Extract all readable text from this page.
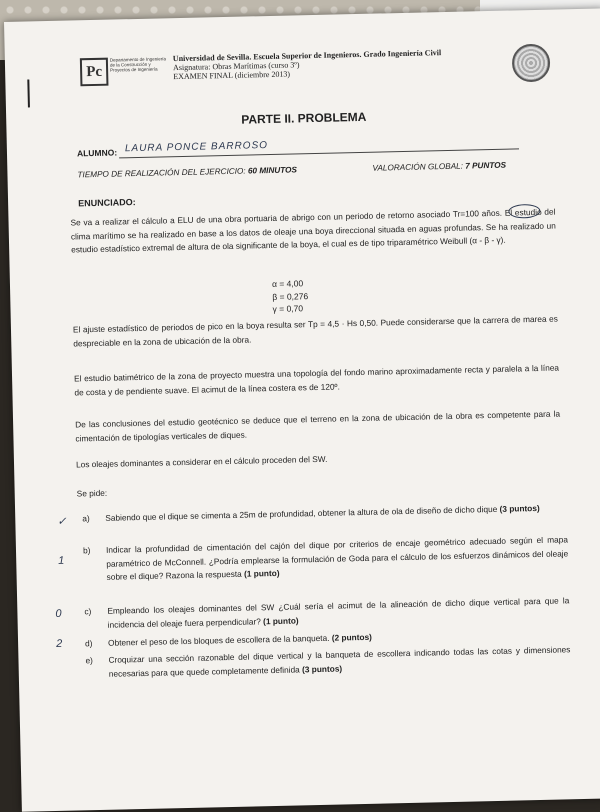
Pc
Departamento de Ingeniería de la Construcción y Proyectos de Ingeniería
Universidad de Sevilla. Escuela Superior de Ingenieros. Grado Ingeniería Civil
Asignatura: Obras Marítimas (curso 3º)
EXAMEN FINAL (diciembre 2013)
PARTE II. PROBLEMA
ALUMNO: LAURA PONCE BARROSO
TIEMPO DE REALIZACIÓN DEL EJERCICIO: 60 MINUTOS	VALORACIÓN GLOBAL: 7 PUNTOS
ENUNCIADO:
Se va a realizar el cálculo a ELU de una obra portuaria de abrigo con un periodo de retorno asociado Tr=100 años. El estudio del clima marítimo se ha realizado en base a los datos de oleaje una boya direccional situada en aguas profundas. Se ha realizado un estudio estadístico extremal de altura de ola significante de la boya, el cual es de tipo triparamétrico Weibull (α - β - γ).
α = 4,00
β = 0,276
γ = 0,70
El ajuste estadístico de periodos de pico en la boya resulta ser Tp = 4,5 · Hs 0,50. Puede considerarse que la carrera de marea es despreciable en la zona de ubicación de la obra.
El estudio batimétrico de la zona de proyecto muestra una topología del fondo marino aproximadamente recta y paralela a la línea de costa y de pendiente suave. El acimut de la línea costera es de 120º.
De las conclusiones del estudio geotécnico se deduce que el terreno en la zona de ubicación de la obra es competente para la cimentación de tipologías verticales de diques.
Los oleajes dominantes a considerar en el cálculo proceden del SW.
Se pide:
✓ a) Sabiendo que el dique se cimenta a 25m de profundidad, obtener la altura de ola de diseño de dicho dique (3 puntos)
1
b) Indicar la profundidad de cimentación del cajón del dique por criterios de encaje geométrico adecuado según el mapa paramétrico de McConnell. ¿Podría emplearse la formulación de Goda para el cálculo de los esfuerzos dinámicos del oleaje sobre el dique? Razona la respuesta (1 punto)
0	c) Empleando los oleajes dominantes del SW ¿Cuál sería el acimut de la alineación de dicho dique vertical para que la incidencia del oleaje fuera perpendicular? (1 punto)
2	d) Obtener el peso de los bloques de escollera de la banqueta. (2 puntos)
e) Croquizar una sección razonable del dique vertical y la banqueta de escollera indicando todas las cotas y dimensiones necesarias para que quede completamente definida (3 puntos)
